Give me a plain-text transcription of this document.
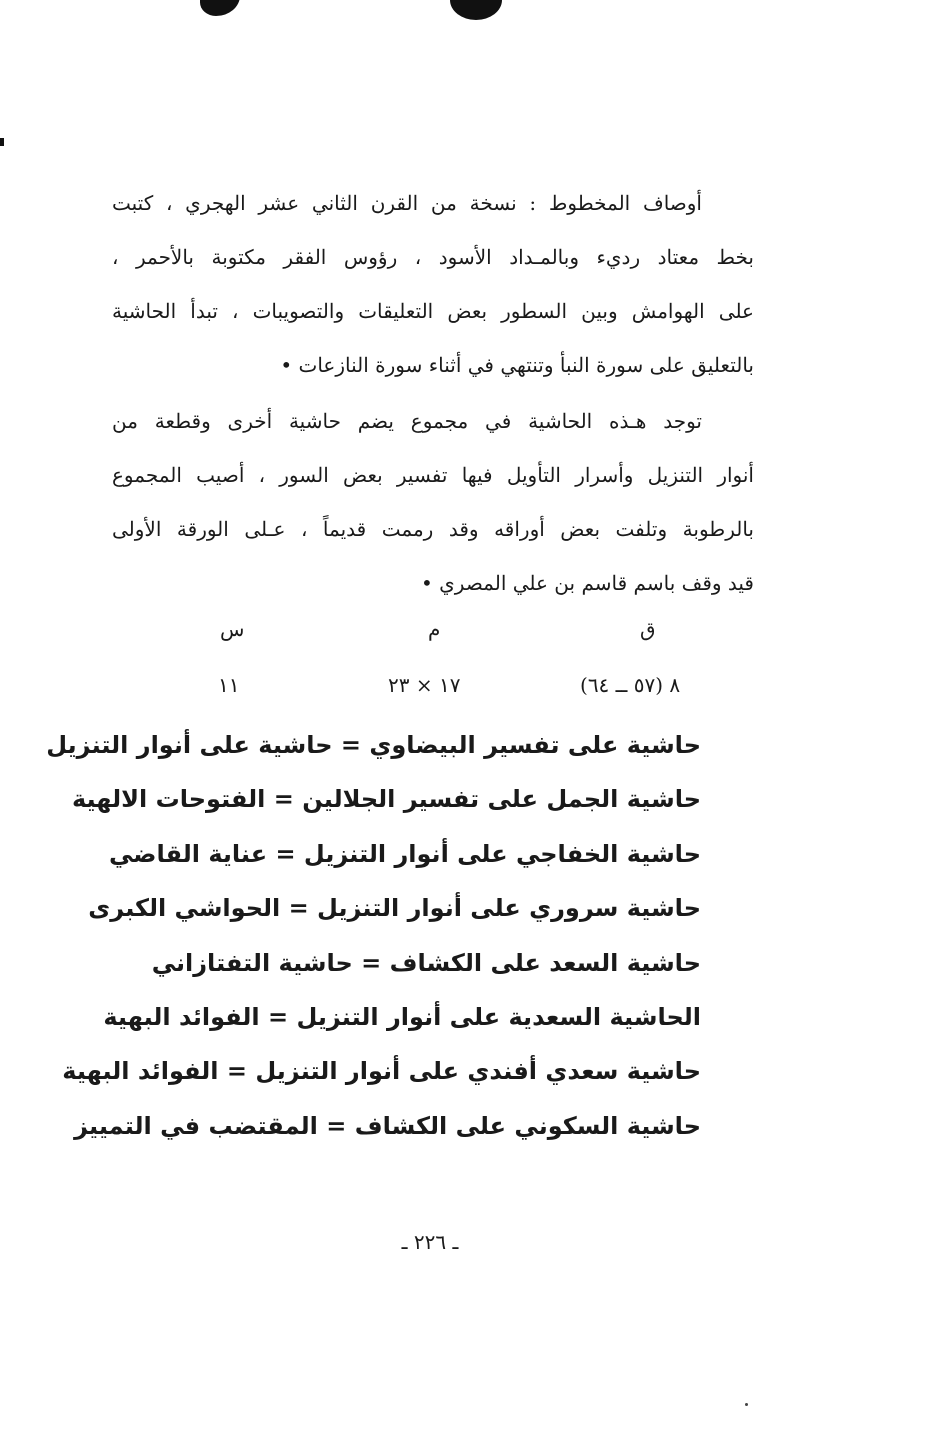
أوصاف المخطوط : نسخة من القرن الثاني عشر الهجري ، كتبت
بخط معتاد رديء وبالمـداد الأسود ، رؤوس الفقر مكتوبة بالأحمر ،
على الهوامش وبين السطور بعض التعليقات والتصويبات ، تبدأ الحاشية
بالتعليق على سورة النبأ وتنتهي في أثناء سورة النازعات •
توجد هـذه الحاشية في مجموع يضم حاشية أخرى وقطعة من
أنوار التنزيل وأسرار التأويل فيها تفسير بعض السور ، أصيب المجموع
بالرطوبة وتلفت بعض أوراقه وقد رممت قديماً ، عـلى الورقة الأولى
قيد وقف باسم قاسم بن علي المصري •
ق
م
س
٨ (٥٧ ــ ٦٤)
١٧ × ٢٣
١١
حاشية على تفسير البيضاوي = حاشية على أنوار التنزيل
حاشية الجمل على تفسير الجلالين = الفتوحات الالهية
حاشية الخفاجي على أنوار التنزيل = عناية القاضي
حاشية سروري على أنوار التنزيل = الحواشي الكبرى
حاشية السعد على الكشاف = حاشية التفتازاني
الحاشية السعدية على أنوار التنزيل = الفوائد البهية
حاشية سعدي أفندي على أنوار التنزيل = الفوائد البهية
حاشية السكوني على الكشاف = المقتضب في التمييز
ـ ٢٢٦ ـ
